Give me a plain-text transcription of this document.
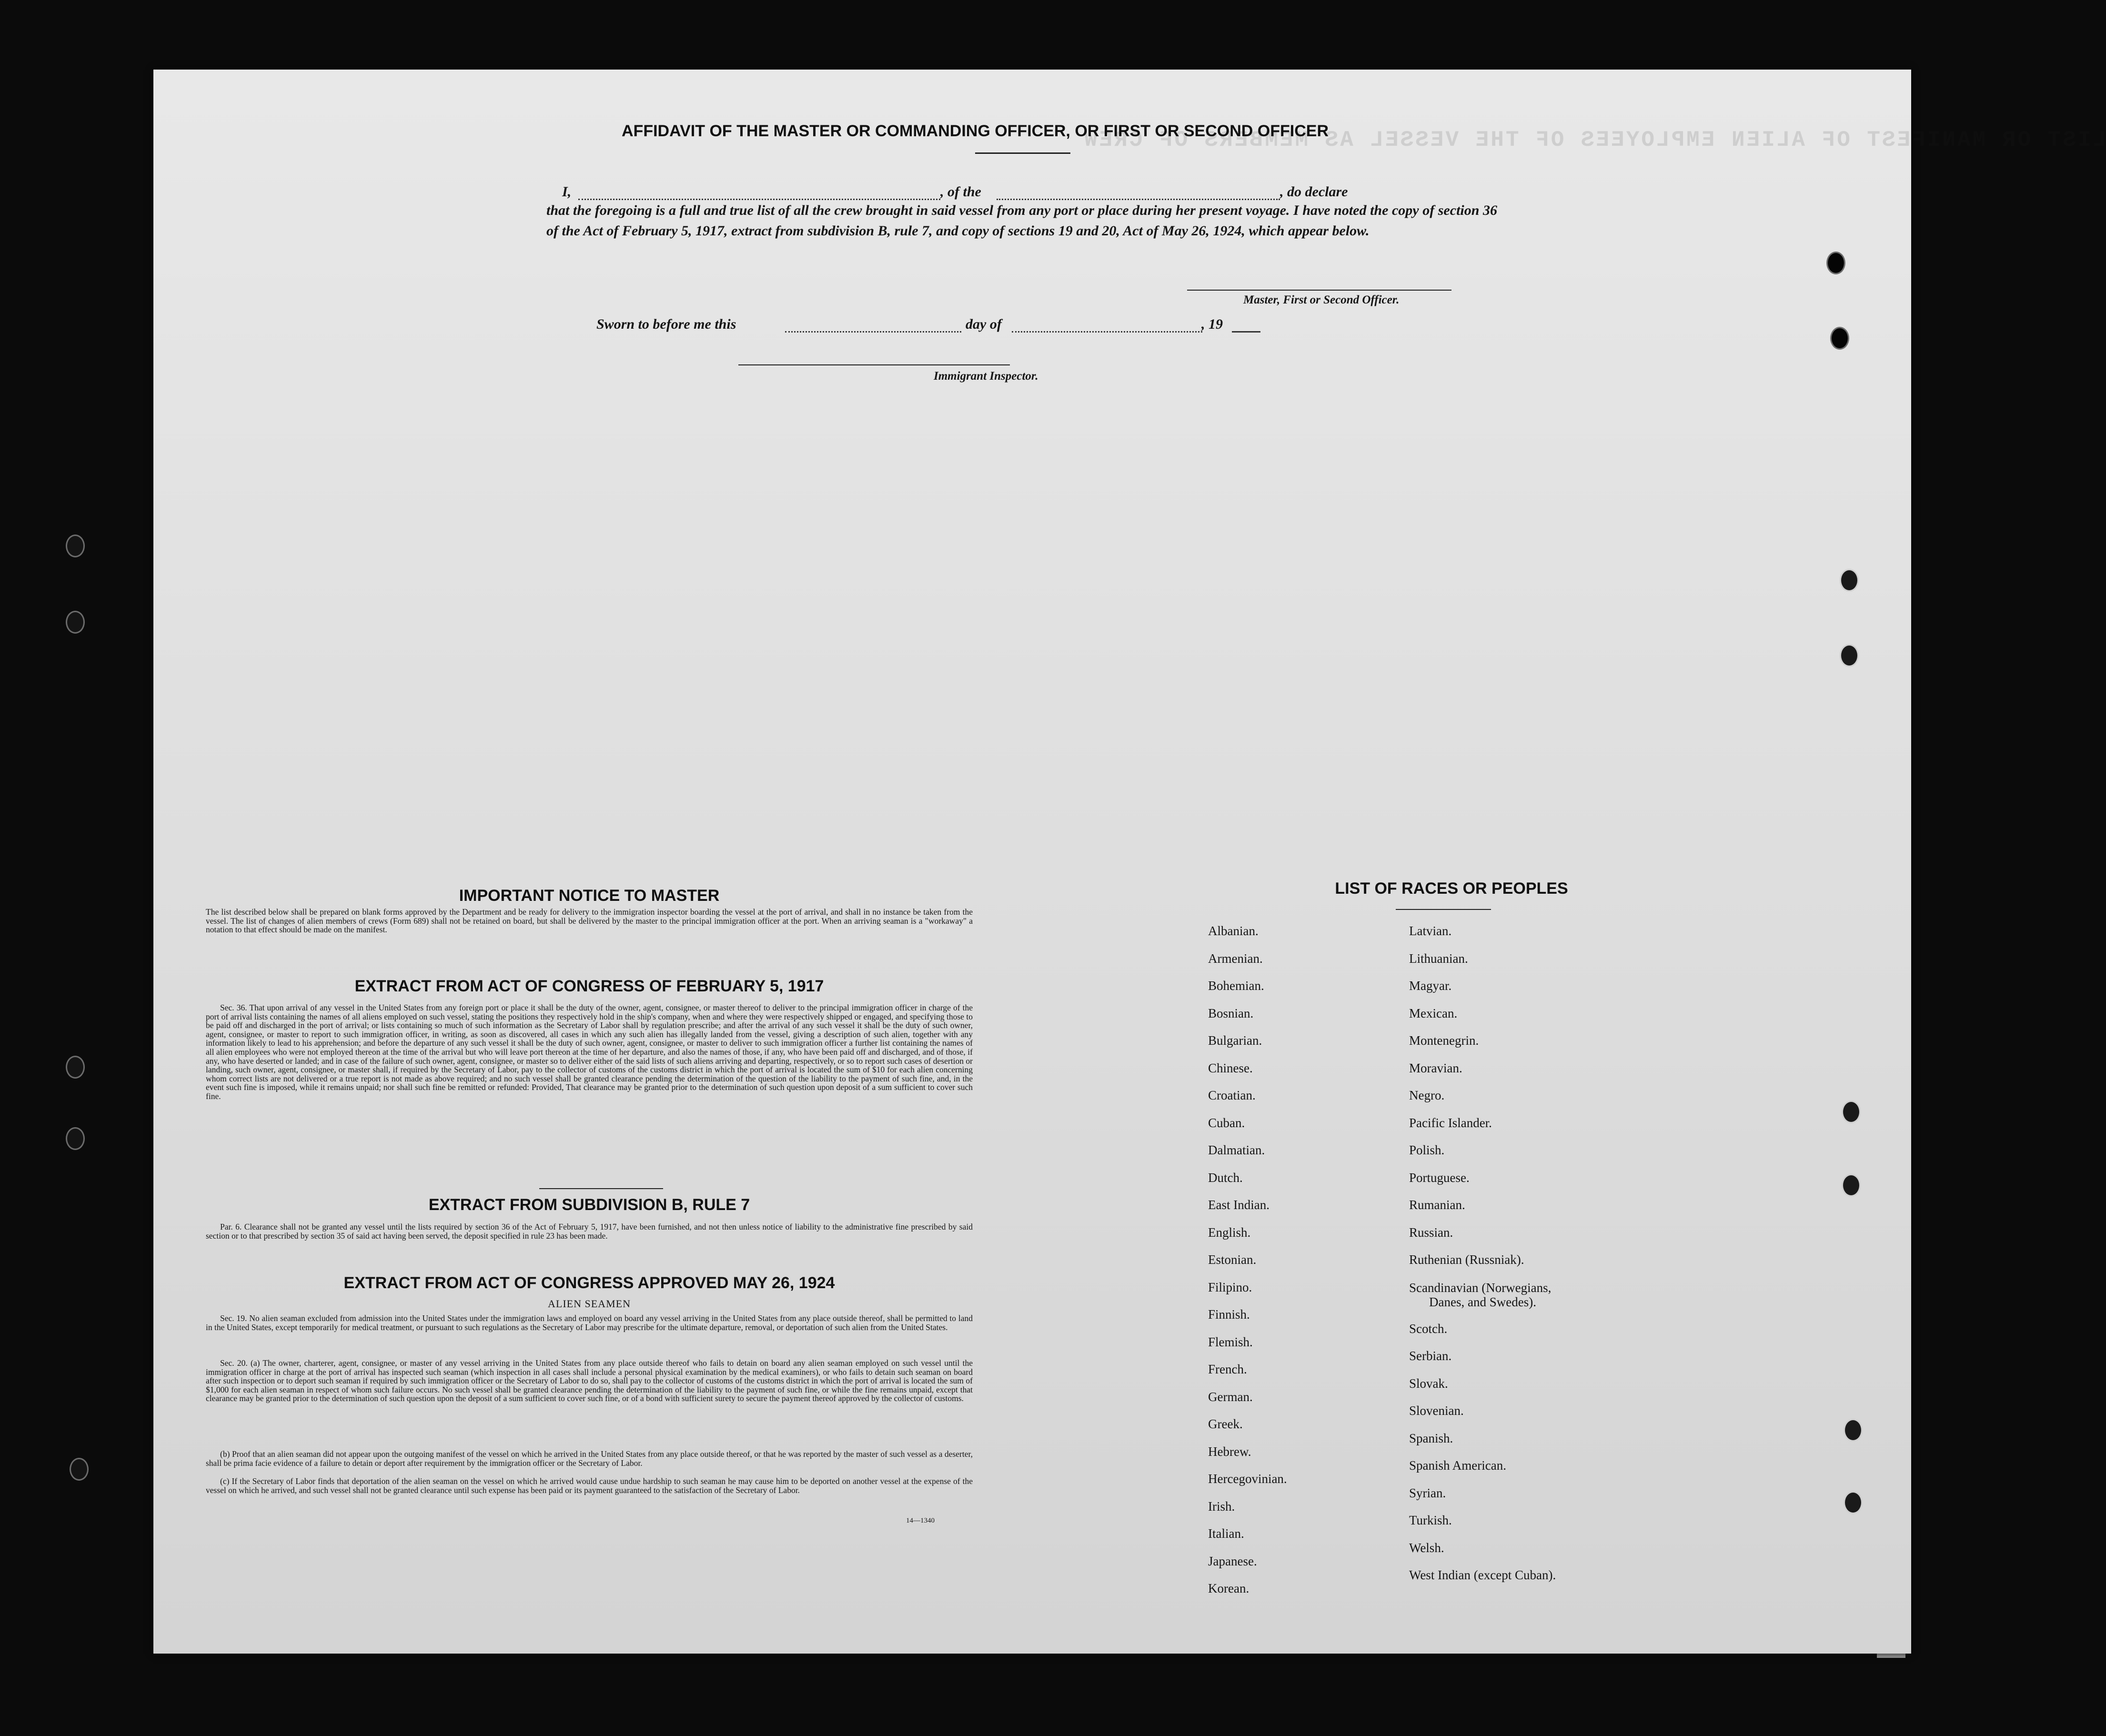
LIST OR MANIFEST OF ALIEN EMPLOYEES OF THE VESSEL AS MEMBERS OF CREW
AFFIDAVIT OF THE MASTER OR COMMANDING OFFICER, OR FIRST OR SECOND OFFICER
I,	, of the	, do declare
that the foregoing is a full and true list of all the crew brought in said vessel from any port or place during her present voyage. I have noted the copy of section 36 of the Act of February 5, 1917, extract from subdivision B, rule 7, and copy of sections 19 and 20, Act of May 26, 1924, which appear below.
Master, First or Second Officer.
Sworn to before me this	day of	, 19
Immigrant Inspector.
IMPORTANT NOTICE TO MASTER
The list described below shall be prepared on blank forms approved by the Department and be ready for delivery to the immigration inspector boarding the vessel at the port of arrival, and shall in no instance be taken from the vessel. The list of changes of alien members of crews (Form 689) shall not be retained on board, but shall be delivered by the master to the principal immigration officer at the port. When an arriving seaman is a "workaway" a notation to that effect should be made on the manifest.
EXTRACT FROM ACT OF CONGRESS OF FEBRUARY 5, 1917
Sec. 36. That upon arrival of any vessel in the United States from any foreign port or place it shall be the duty of the owner, agent, consignee, or master thereof to deliver to the principal immigration officer in charge of the port of arrival lists containing the names of all aliens employed on such vessel, stating the positions they respectively hold in the ship's company, when and where they were respectively shipped or engaged, and specifying those to be paid off and discharged in the port of arrival; or lists containing so much of such information as the Secretary of Labor shall by regulation prescribe; and after the arrival of any such vessel it shall be the duty of such owner, agent, consignee, or master to report to such immigration officer, in writing, as soon as discovered, all cases in which any such alien has illegally landed from the vessel, giving a description of such alien, together with any information likely to lead to his apprehension; and before the departure of any such vessel it shall be the duty of such owner, agent, consignee, or master to deliver to such immigration officer a further list containing the names of all alien employees who were not employed thereon at the time of the arrival but who will leave port thereon at the time of her departure, and also the names of those, if any, who have been paid off and discharged, and of those, if any, who have deserted or landed; and in case of the failure of such owner, agent, consignee, or master so to deliver either of the said lists of such aliens arriving and departing, respectively, or so to report such cases of desertion or landing, such owner, agent, consignee, or master shall, if required by the Secretary of Labor, pay to the collector of customs of the customs district in which the port of arrival is located the sum of $10 for each alien concerning whom correct lists are not delivered or a true report is not made as above required; and no such vessel shall be granted clearance pending the determination of the question of the liability to the payment of such fine, and, in the event such fine is imposed, while it remains unpaid; nor shall such fine be remitted or refunded: Provided, That clearance may be granted prior to the determination of such question upon deposit of a sum sufficient to cover such fine.
EXTRACT FROM SUBDIVISION B, RULE 7
Par. 6. Clearance shall not be granted any vessel until the lists required by section 36 of the Act of February 5, 1917, have been furnished, and not then unless notice of liability to the administrative fine prescribed by said section or to that prescribed by section 35 of said act having been served, the deposit specified in rule 23 has been made.
EXTRACT FROM ACT OF CONGRESS APPROVED MAY 26, 1924
ALIEN SEAMEN
Sec. 19. No alien seaman excluded from admission into the United States under the immigration laws and employed on board any vessel arriving in the United States from any place outside thereof, shall be permitted to land in the United States, except temporarily for medical treatment, or pursuant to such regulations as the Secretary of Labor may prescribe for the ultimate departure, removal, or deportation of such alien from the United States.
Sec. 20. (a) The owner, charterer, agent, consignee, or master of any vessel arriving in the United States from any place outside thereof who fails to detain on board any alien seaman employed on such vessel until the immigration officer in charge at the port of arrival has inspected such seaman (which inspection in all cases shall include a personal physical examination by the medical examiners), or who fails to detain such seaman on board after such inspection or to deport such seaman if required by such immigration officer or the Secretary of Labor to do so, shall pay to the collector of customs of the customs district in which the port of arrival is located the sum of $1,000 for each alien seaman in respect of whom such failure occurs. No such vessel shall be granted clearance pending the determination of the liability to the payment of such fine, or while the fine remains unpaid, except that clearance may be granted prior to the determination of such question upon the deposit of a sum sufficient to cover such fine, or of a bond with sufficient surety to secure the payment thereof approved by the collector of customs.
(b) Proof that an alien seaman did not appear upon the outgoing manifest of the vessel on which he arrived in the United States from any place outside thereof, or that he was reported by the master of such vessel as a deserter, shall be prima facie evidence of a failure to detain or deport after requirement by the immigration officer or the Secretary of Labor.
(c) If the Secretary of Labor finds that deportation of the alien seaman on the vessel on which he arrived would cause undue hardship to such seaman he may cause him to be deported on another vessel at the expense of the vessel on which he arrived, and such vessel shall not be granted clearance until such expense has been paid or its payment guaranteed to the satisfaction of the Secretary of Labor.
14—1340
LIST OF RACES OR PEOPLES
Albanian.
Armenian.
Bohemian.
Bosnian.
Bulgarian.
Chinese.
Croatian.
Cuban.
Dalmatian.
Dutch.
East Indian.
English.
Estonian.
Filipino.
Finnish.
Flemish.
French.
German.
Greek.
Hebrew.
Hercegovinian.
Irish.
Italian.
Japanese.
Korean.
Latvian.
Lithuanian.
Magyar.
Mexican.
Montenegrin.
Moravian.
Negro.
Pacific Islander.
Polish.
Portuguese.
Rumanian.
Russian.
Ruthenian (Russniak).
Scandinavian (Norwegians,
Danes, and Swedes).
Scotch.
Serbian.
Slovak.
Slovenian.
Spanish.
Spanish American.
Syrian.
Turkish.
Welsh.
West Indian (except Cuban).
